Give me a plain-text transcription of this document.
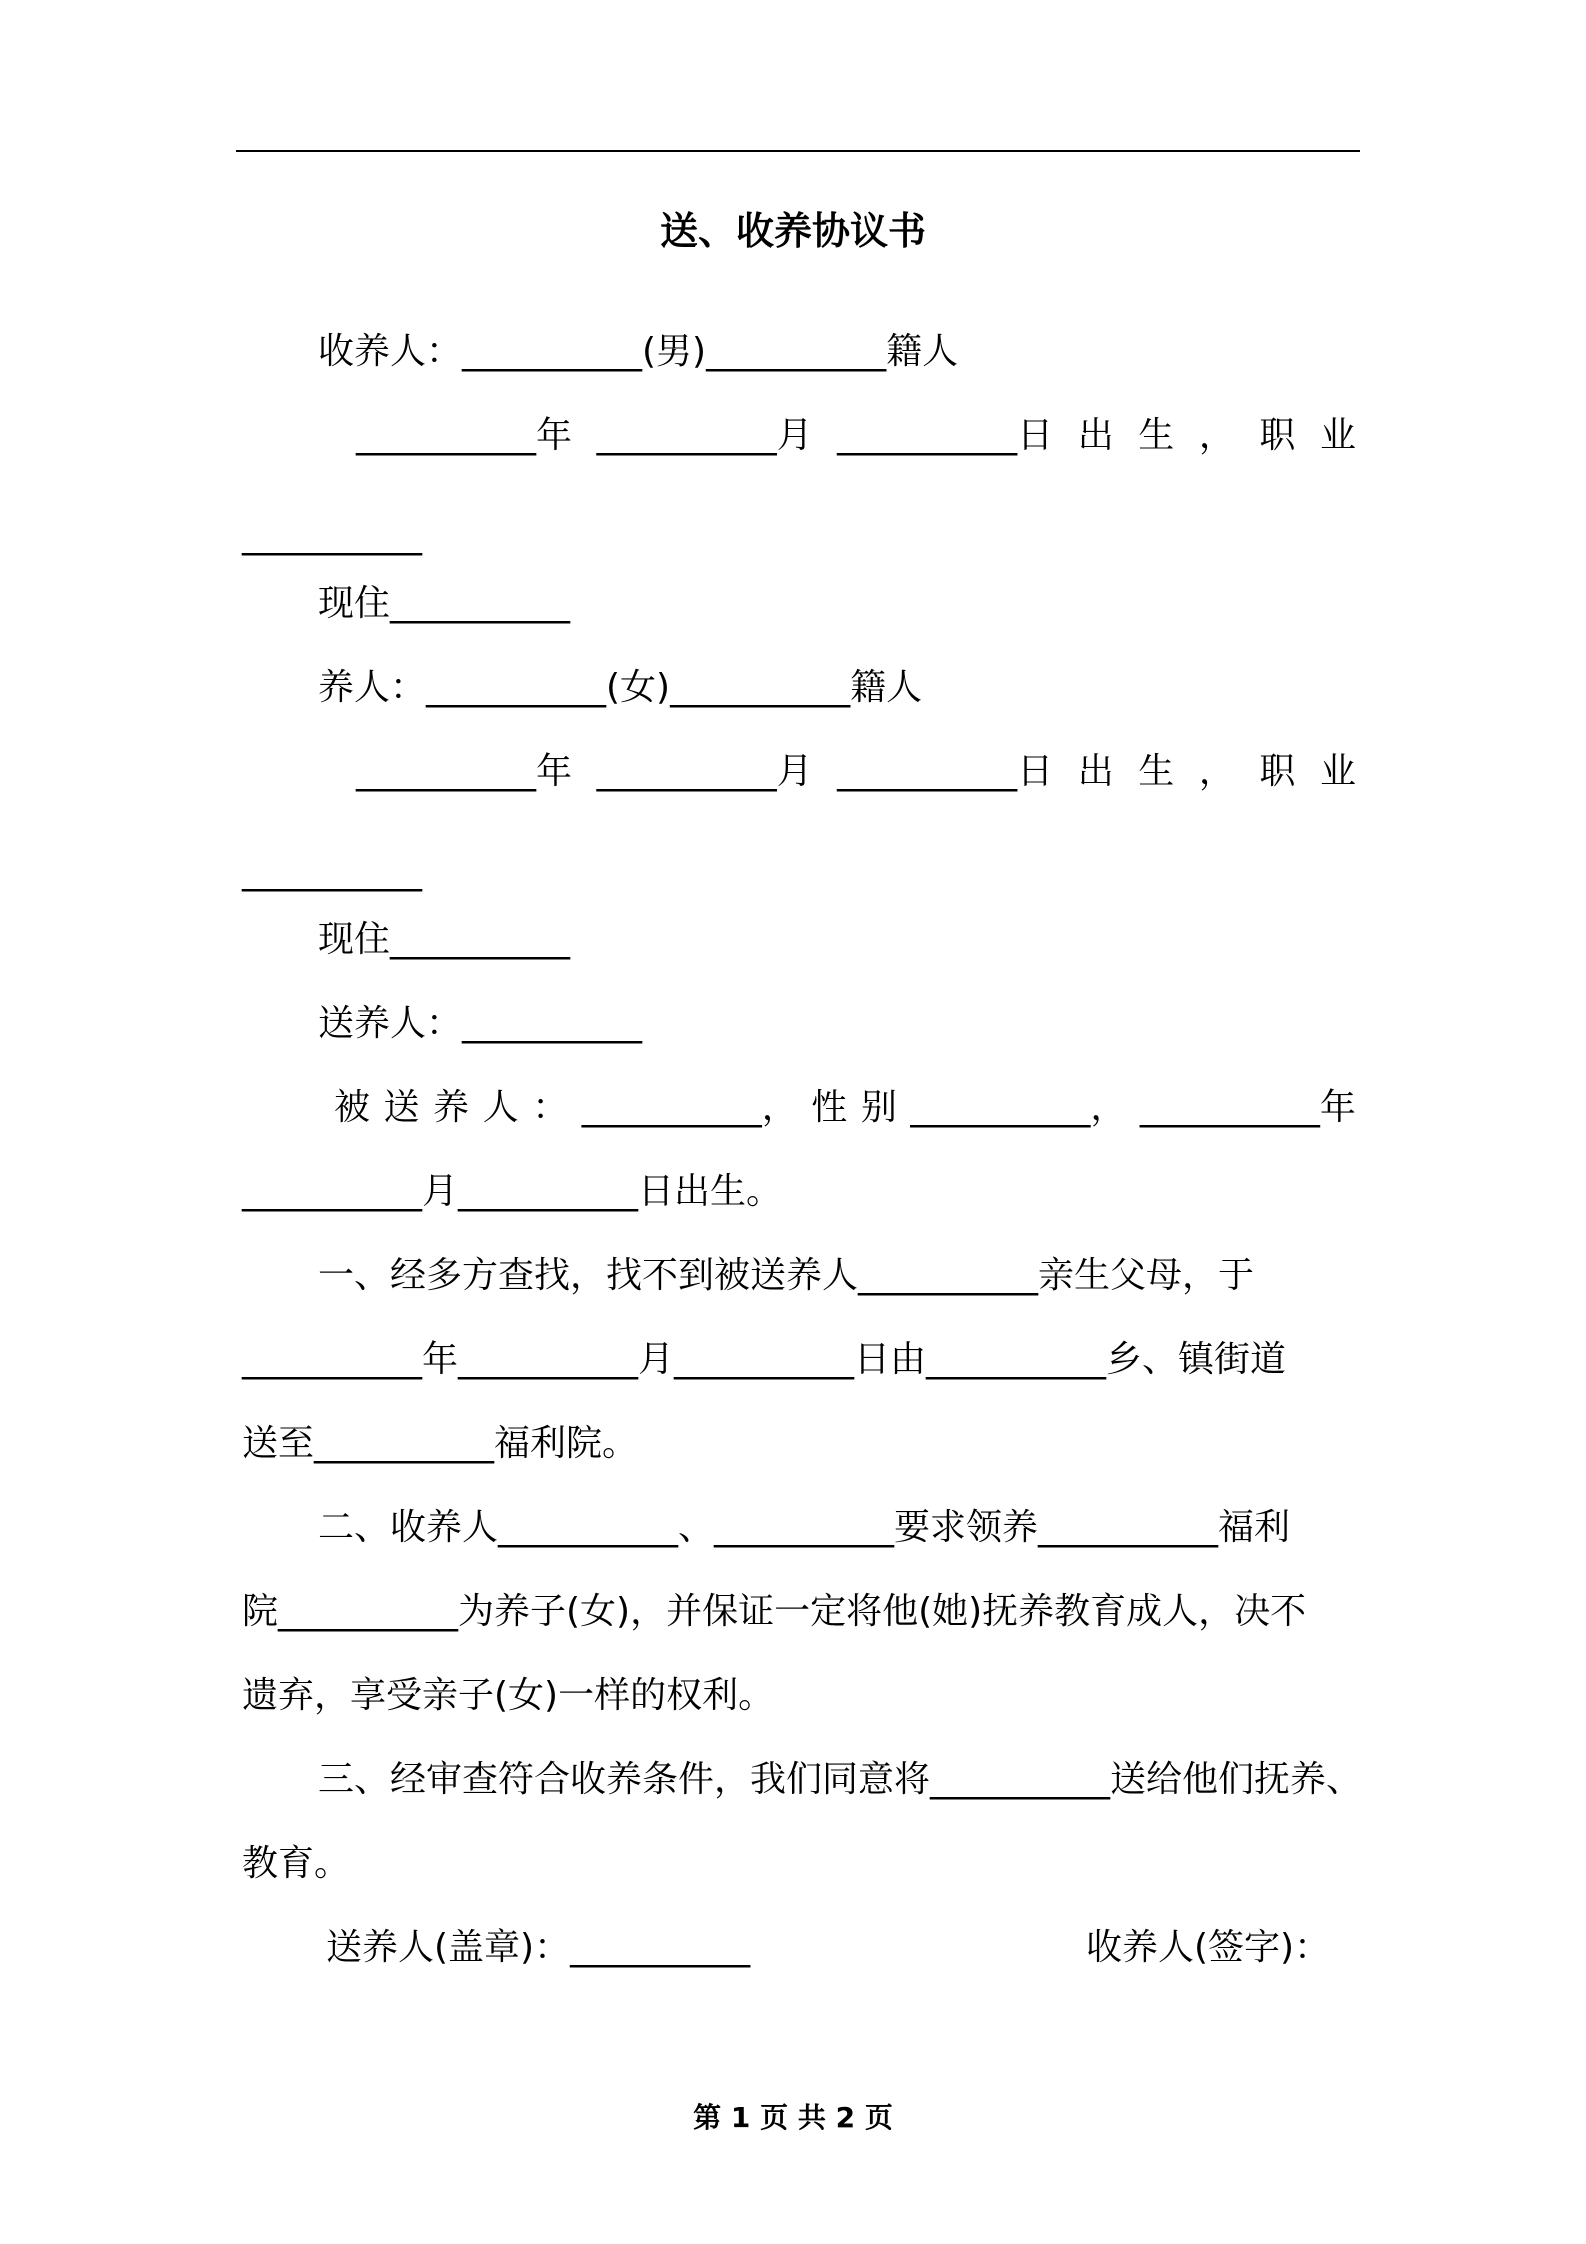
送、收养协议书
收养人：__________(男)__________籍人
__________年 __________月 __________日 出 生 ， 职 业
__________
现住__________
养人：__________(女)__________籍人
__________年 __________月 __________日 出 生 ， 职 业
__________
现住__________
送养人：__________
被 送 养 人 ： __________， 性 别 __________， __________年
__________月__________日出生。
一、经多方查找，找不到被送养人__________亲生父母，于
__________年__________月__________日由__________乡、镇街道
送至__________福利院。
二、收养人__________、__________要求领养__________福利
院__________为养子(女)，并保证一定将他(她)抚养教育成人，决不
遗弃，享受亲子(女)一样的权利。
三、经审查符合收养条件，我们同意将__________送给他们抚养、
教育。
送养人(盖章)：__________	收养人(签字)：
第 1 页 共 2 页
